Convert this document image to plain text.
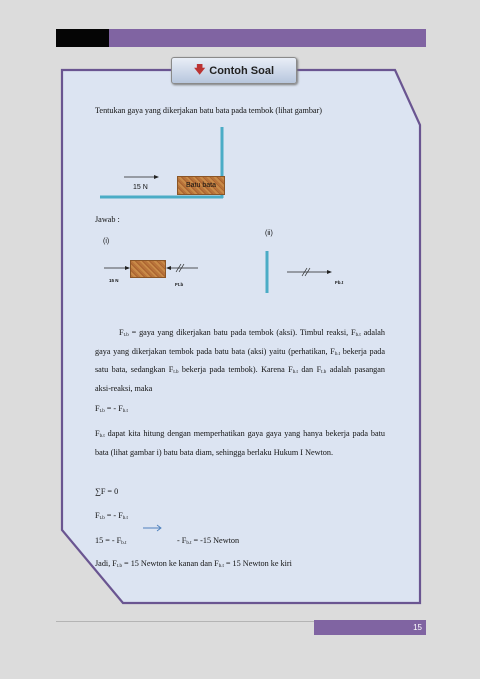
🡇 Contoh Soal
Tentukan gaya yang dikerjakan batu bata pada tembok (lihat gambar)
15 N	Batu bata
Jawab :
(ii)
(i)
15 N
Ft.b	Fb.t
$F_{t.b}$ = gaya yang dikerjakan batu pada tembok (aksi). Timbul reaksi, $F_{b.t}$ adalah gaya yang dikerjakan tembok pada batu bata (aksi) yaitu (perhatikan, $F_{b.t}$ bekerja pada satu bata, sedangkan $F_{t.b}$ bekerja pada tembok). Karena $F_{b.t}$ dan $F_{t.b}$ adalah pasangan aksi-reaksi, maka
$F_{t.b}$ = - $F_{b.t}$
$F_{b.t}$ dapat kita hitung dengan memperhatikan gaya gaya yang hanya bekerja pada batu bata (lihat gambar i) batu bata diam, sehingga berlaku Hukum I Newton.
∑F = 0
$F_{t.b}$ = - $F_{b.t}$
15 = - $F_{b.t}$	- $F_{b.t} = -15$ Newton
Jadi, $F_{t.b} = 15$ Newton ke kanan dan $F_{b.t} = 15$ Newton ke kiri
15
